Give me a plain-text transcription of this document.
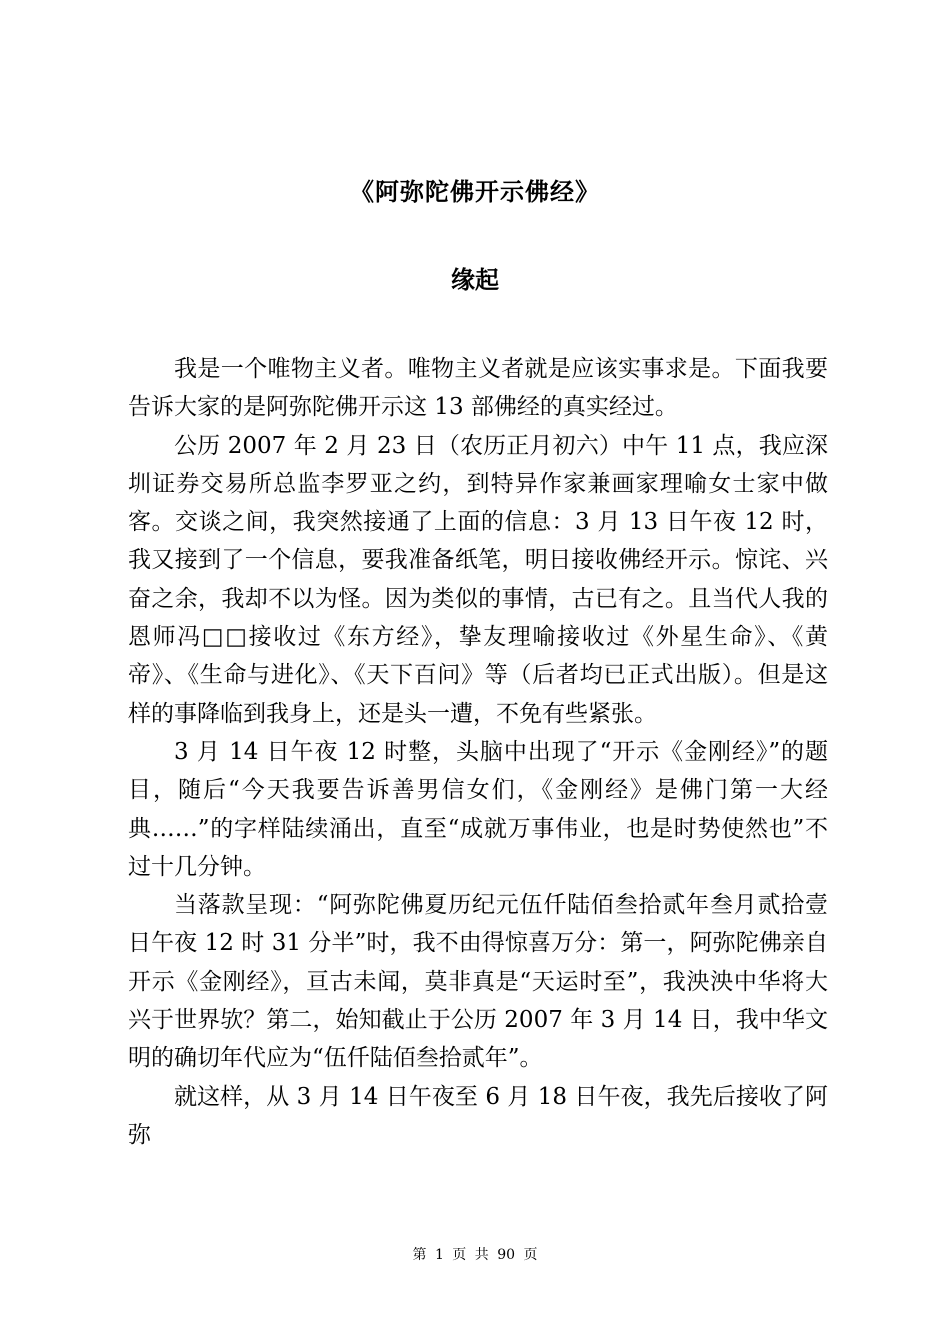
《阿弥陀佛开示佛经》
缘起

我是一个唯物主义者。唯物主义者就是应该实事求是。下面我要告诉大家的是阿弥陀佛开示这 13 部佛经的真实经过。

公历 2007 年 2 月 23 日（农历正月初六）中午 11 点，我应深圳证券交易所总监李罗亚之约，到特异作家兼画家理喻女士家中做客。交谈之间，我突然接通了上面的信息：3 月 13 日午夜 12 时，我又接到了一个信息，要我准备纸笔，明日接收佛经开示。惊诧、兴奋之余，我却不以为怪。因为类似的事情，古已有之。且当代人我的恩师冯□□接收过《东方经》，挚友理喻接收过《外星生命》、《黄帝》、《生命与进化》、《天下百问》等（后者均已正式出版）。但是这样的事降临到我身上，还是头一遭，不免有些紧张。

3 月 14 日午夜 12 时整，头脑中出现了“开示《金刚经》”的题目，随后“今天我要告诉善男信女们，《金刚经》是佛门第一大经典……”的字样陆续涌出，直至“成就万事伟业，也是时势使然也”不过十几分钟。

当落款呈现：“阿弥陀佛夏历纪元伍仟陆佰叁拾贰年叁月贰拾壹日午夜 12 时 31 分半”时，我不由得惊喜万分：第一，阿弥陀佛亲自开示《金刚经》，亘古未闻，莫非真是“天运时至”，我泱泱中华将大兴于世界欤？第二，始知截止于公历 2007 年 3 月 14 日，我中华文明的确切年代应为“伍仟陆佰叁拾贰年”。

就这样，从 3 月 14 日午夜至 6 月 18 日午夜，我先后接收了阿弥

第 1 页 共 90 页
